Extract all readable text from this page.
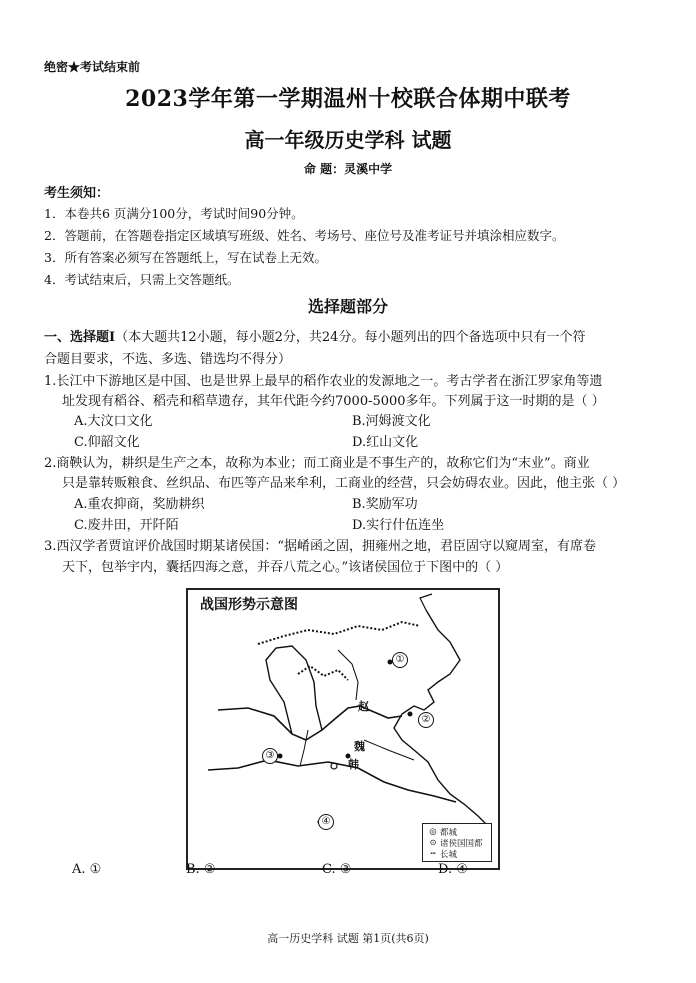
绝密★考试结束前
2023学年第一学期温州十校联合体期中联考
高一年级历史学科 试题
命 题：灵溪中学
考生须知：
1．本卷共6 页满分100分，考试时间90分钟。
2．答题前，在答题卷指定区域填写班级、姓名、考场号、座位号及准考证号并填涂相应数字。
3．所有答案必须写在答题纸上，写在试卷上无效。
4．考试结束后，只需上交答题纸。
选择题部分
一、选择题Ⅰ（本大题共12小题，每小题2分，共24分。每小题列出的四个备选项中只有一个符
合题目要求，不选、多选、错选均不得分）
1.长江中下游地区是中国、也是世界上最早的稻作农业的发源地之一。考古学者在浙江罗家角等遗
址发现有稻谷、稻壳和稻草遗存，其年代距今约7000-5000多年。下列属于这一时期的是（ ）
A.大汶口文化	B.河姆渡文化
C.仰韶文化	D.红山文化
2.商鞅认为，耕织是生产之本，故称为本业；而工商业是不事生产的，故称它们为“末业”。商业
只是靠转贩粮食、丝织品、布匹等产品来牟利，工商业的经营，只会妨碍农业。因此，他主张（ ）
A.重农抑商，奖励耕织	B.奖励军功
C.废井田，开阡陌	D.实行什伍连坐
3.西汉学者贾谊评价战国时期某诸侯国：“据崤函之固，拥雍州之地，君臣固守以窥周室，有席卷
天下，包举宇内，囊括四海之意，并吞八荒之心。”该诸侯国位于下图中的（ ）
战国形势示意图
赵
魏
韩
①
②
③
④
◎ 都城
⊙ 诸侯国国都
┅ 长城
A. ①	B. ②	C. ③	D. ④
高一历史学科 试题 第1页(共6页)
